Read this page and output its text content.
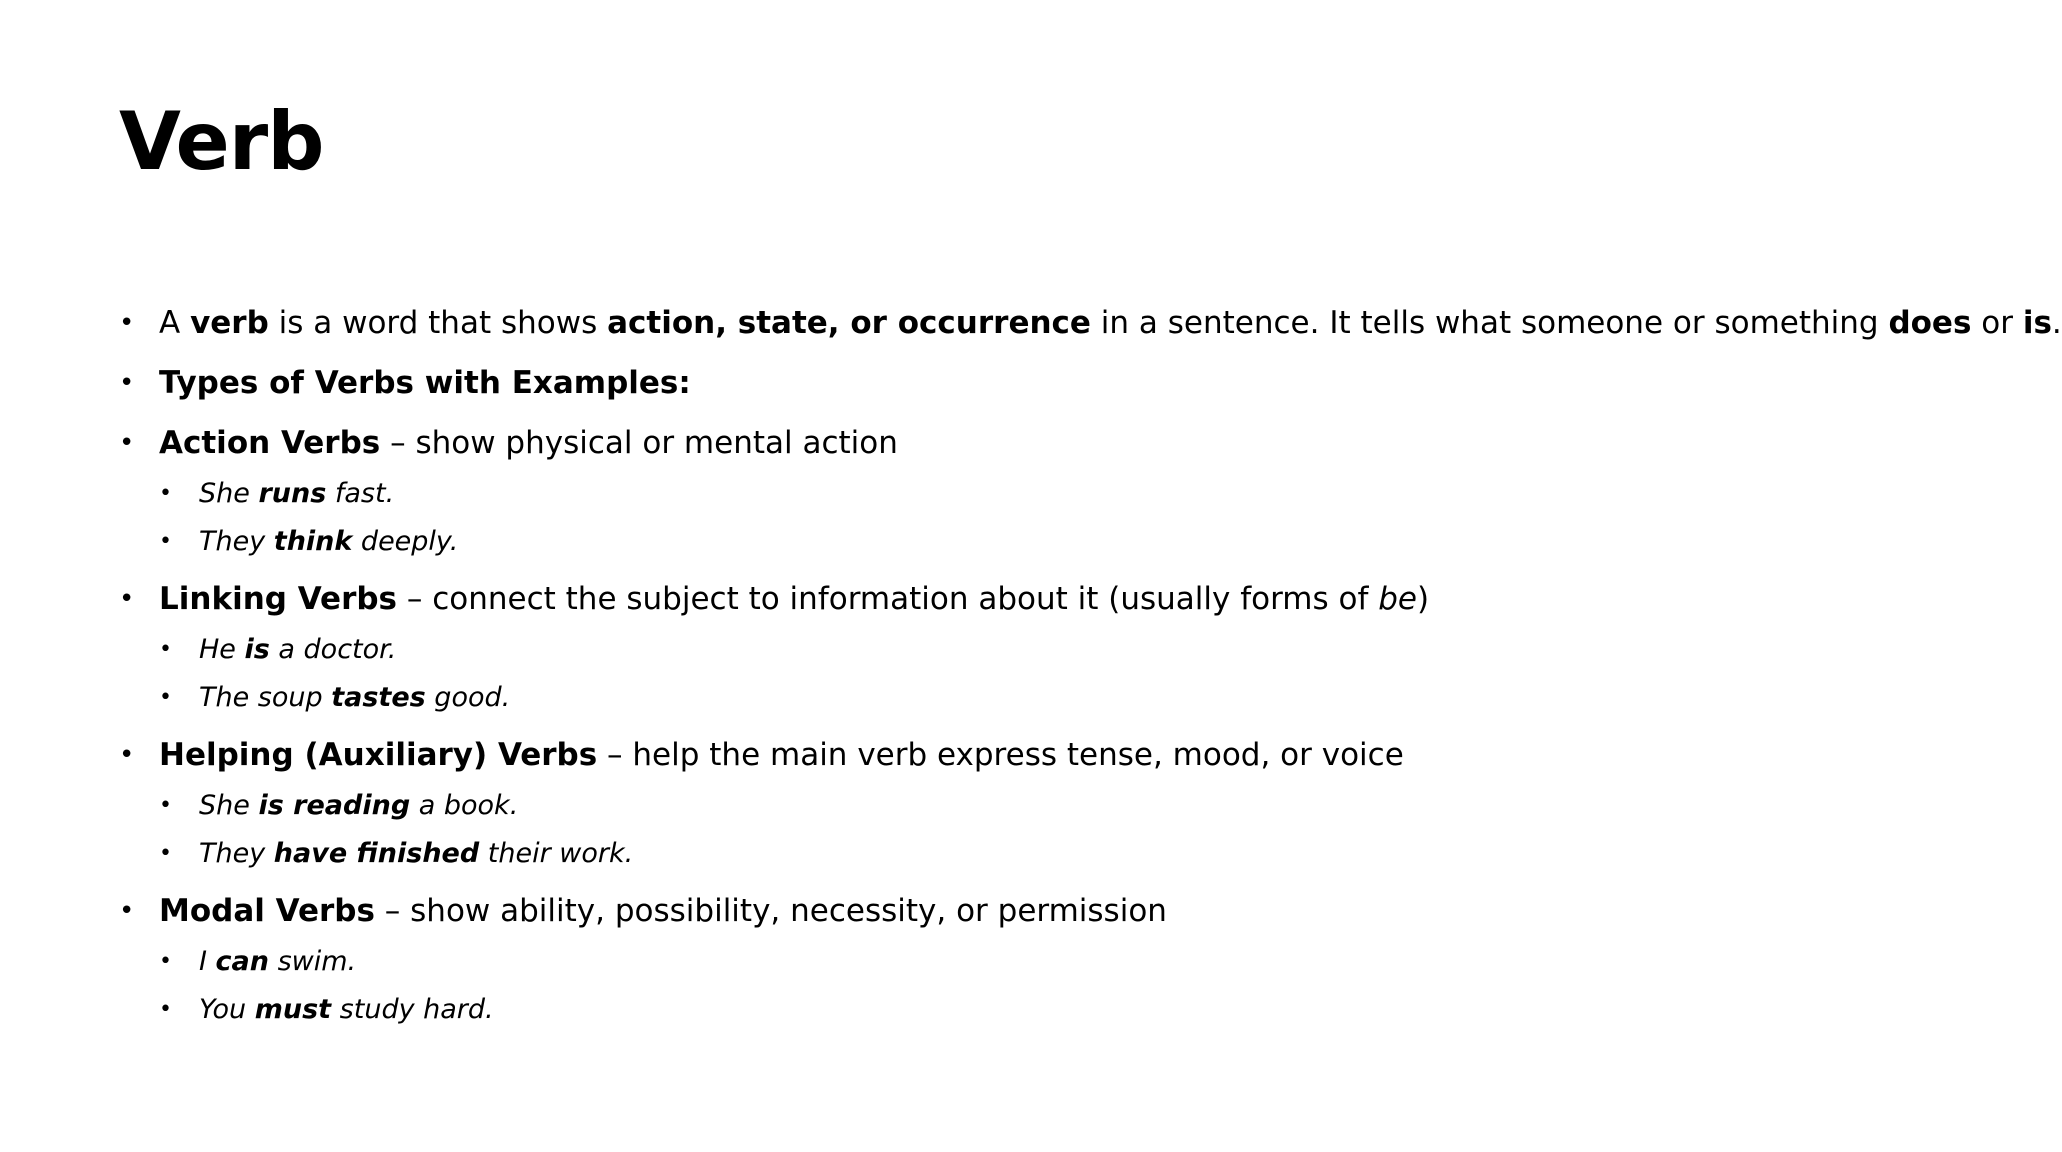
Verb
• A verb is a word that shows action, state, or occurrence in a sentence. It tells what someone or something does or is.
• Types of Verbs with Examples:
• Action Verbs – show physical or mental action
• She runs fast.
• They think deeply.
• Linking Verbs – connect the subject to information about it (usually forms of be)
• He is a doctor.
• The soup tastes good.
• Helping (Auxiliary) Verbs – help the main verb express tense, mood, or voice
• She is reading a book.
• They have finished their work.
• Modal Verbs – show ability, possibility, necessity, or permission
• I can swim.
• You must study hard.
